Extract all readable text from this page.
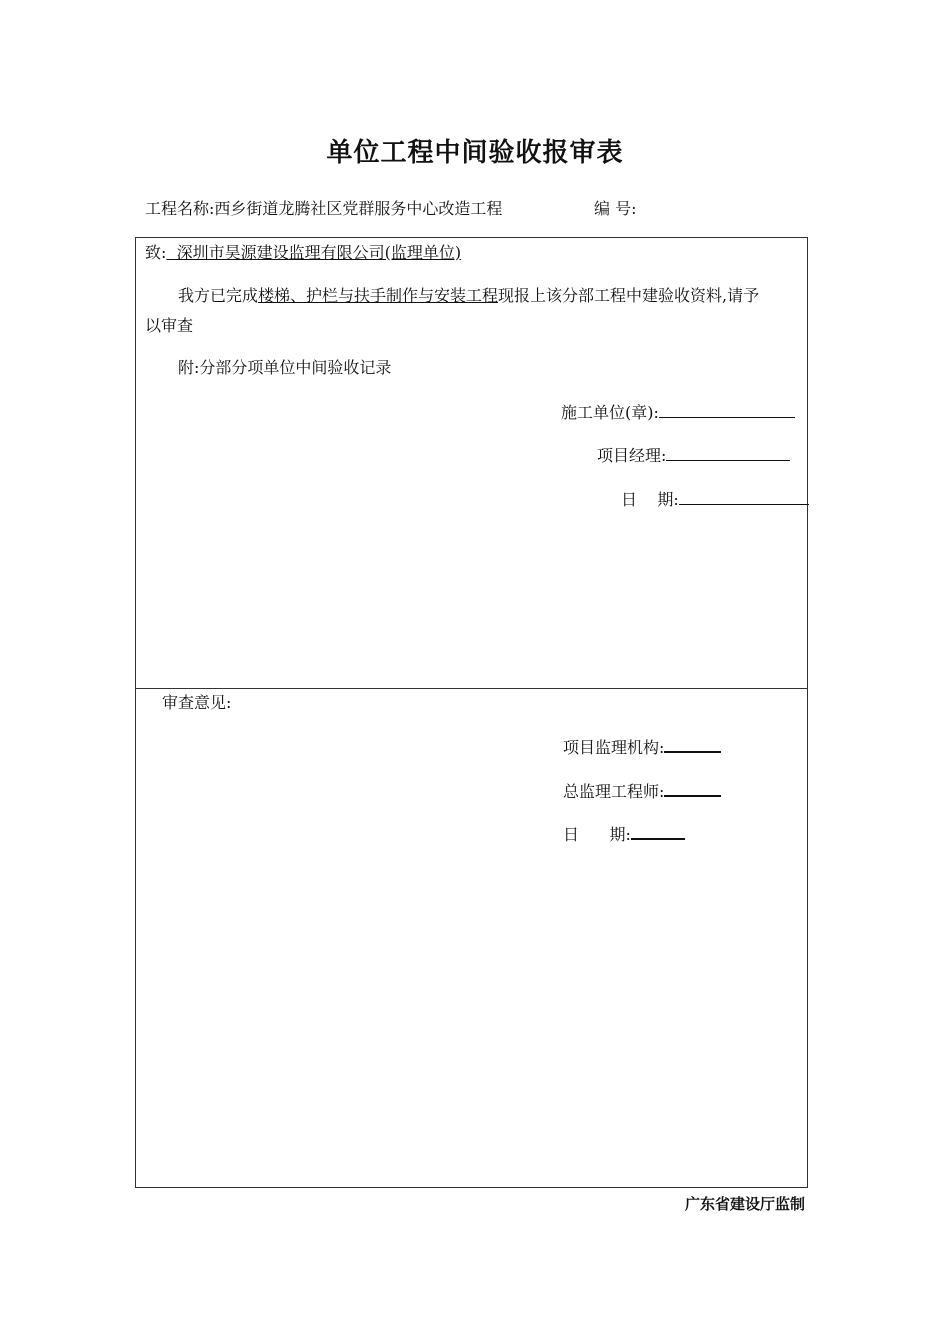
单位工程中间验收报审表
工程名称:西乡街道龙腾社区党群服务中心改造工程	编 号:
致:  深圳市昊源建设监理有限公司(监理单位)
我方已完成楼梯、护栏与扶手制作与安装工程现报上该分部工程中建验收资料,请予
以审查
附:分部分项单位中间验收记录
施工单位(章):
项目经理:
日    期:
审查意见:
项目监理机构:
总监理工程师:
日      期:
广东省建设厅监制
